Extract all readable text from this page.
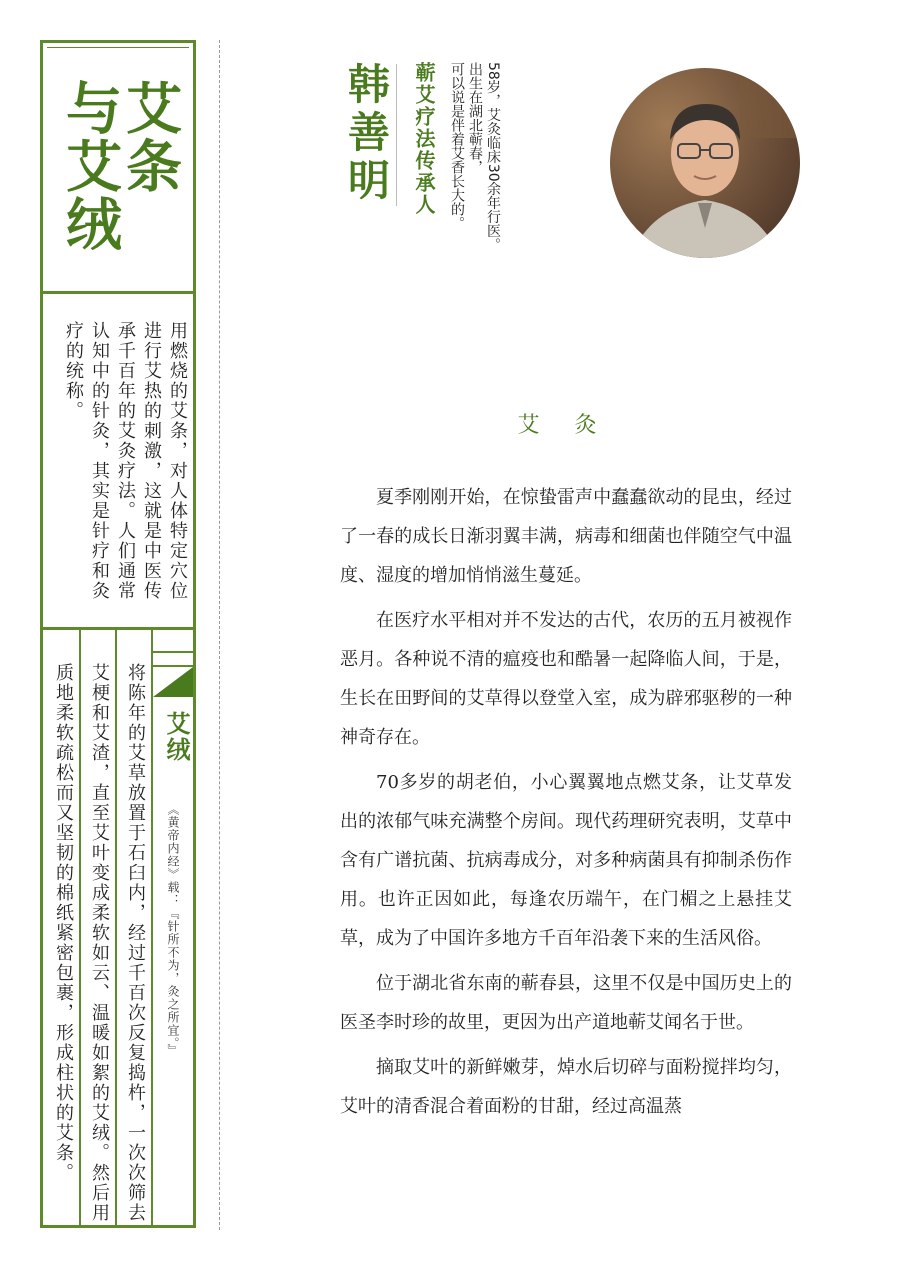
艾条
与艾绒
用燃烧的艾条，对人体特定穴位
进行艾热的刺激，这就是中医传
承千百年的艾灸疗法。人们通常
认知中的针灸，其实是针疗和灸
疗的统称。
艾绒
《黄帝内经》载：『针所不为，灸之所宜。』
将陈年的艾草放置于石臼内，经过千百次反复捣杵，一次次筛去
艾梗和艾渣，直至艾叶变成柔软如云、温暖如絮的艾绒。然后用
质地柔软疏松而又坚韧的棉纸紧密包裹，形成柱状的艾条。
韩善明 蕲艾疗法传承人	58岁，艾灸临床30余年行医。
出生在湖北蕲春，
可以说是伴着艾香长大的。
艾 灸

夏季刚刚开始，在惊蛰雷声中蠢蠢欲动的昆虫，经过了一春的成长日渐羽翼丰满，病毒和细菌也伴随空气中温度、湿度的增加悄悄滋生蔓延。

在医疗水平相对并不发达的古代，农历的五月被视作恶月。各种说不清的瘟疫也和酷暑一起降临人间，于是，生长在田野间的艾草得以登堂入室，成为辟邪驱秽的一种神奇存在。

70多岁的胡老伯，小心翼翼地点燃艾条，让艾草发出的浓郁气味充满整个房间。现代药理研究表明，艾草中含有广谱抗菌、抗病毒成分，对多种病菌具有抑制杀伤作用。也许正因如此，每逢农历端午，在门楣之上悬挂艾草，成为了中国许多地方千百年沿袭下来的生活风俗。

位于湖北省东南的蕲春县，这里不仅是中国历史上的医圣李时珍的故里，更因为出产道地蕲艾闻名于世。

摘取艾叶的新鲜嫩芽，焯水后切碎与面粉搅拌均匀，艾叶的清香混合着面粉的甘甜，经过高温蒸
